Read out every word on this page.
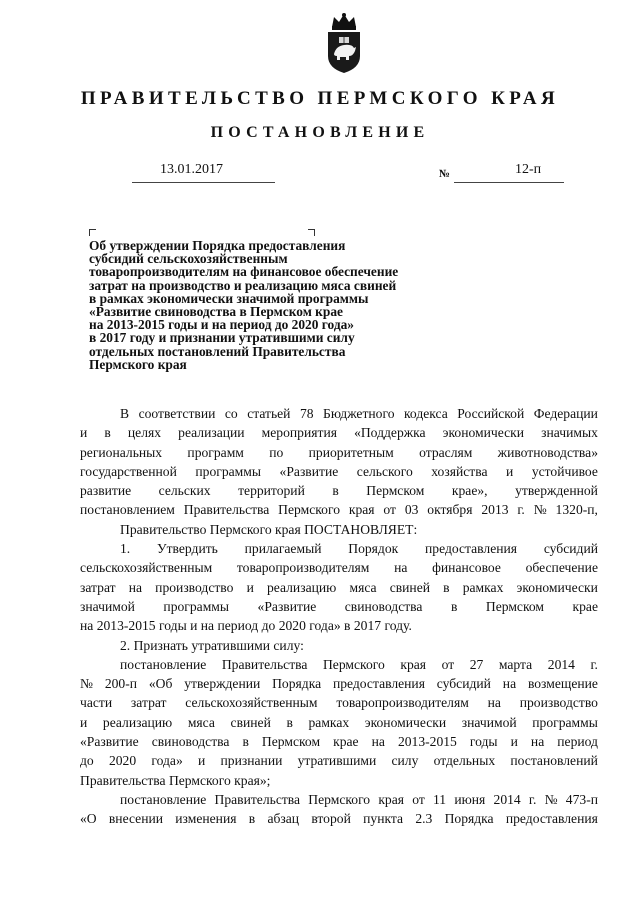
ПРАВИТЕЛЬСТВО ПЕРМСКОГО КРАЯ
ПОСТАНОВЛЕНИЕ
13.01.2017	№	12-п
Об утверждении Порядка предоставления
субсидий сельскохозяйственным
товаропроизводителям на финансовое обеспечение
затрат на производство и реализацию мяса свиней
в рамках экономически значимой программы
«Развитие свиноводства в Пермском крае
на 2013-2015 годы и на период до 2020 года»
в 2017 году и признании утратившими силу
отдельных постановлений Правительства
Пермского края
В соответствии со статьей 78 Бюджетного кодекса Российской Федерации
и в целях реализации мероприятия «Поддержка экономически значимых
региональных программ по приоритетным отраслям животноводства»
государственной программы «Развитие сельского хозяйства и устойчивое
развитие сельских территорий в Пермском крае», утвержденной
постановлением Правительства Пермского края от 03 октября 2013 г. № 1320-п,
Правительство Пермского края ПОСТАНОВЛЯЕТ:
1. Утвердить прилагаемый Порядок предоставления субсидий
сельскохозяйственным товаропроизводителям на финансовое обеспечение
затрат на производство и реализацию мяса свиней в рамках экономически
значимой программы «Развитие свиноводства в Пермском крае
на 2013-2015 годы и на период до 2020 года» в 2017 году.
2. Признать утратившими силу:
постановление Правительства Пермского края от 27 марта 2014 г.
№ 200-п «Об утверждении Порядка предоставления субсидий на возмещение
части затрат сельскохозяйственным товаропроизводителям на производство
и реализацию мяса свиней в рамках экономически значимой программы
«Развитие свиноводства в Пермском крае на 2013-2015 годы и на период
до 2020 года» и признании утратившими силу отдельных постановлений
Правительства Пермского края»;
постановление Правительства Пермского края от 11 июня 2014 г. № 473-п
«О внесении изменения в абзац второй пункта 2.3 Порядка предоставления
